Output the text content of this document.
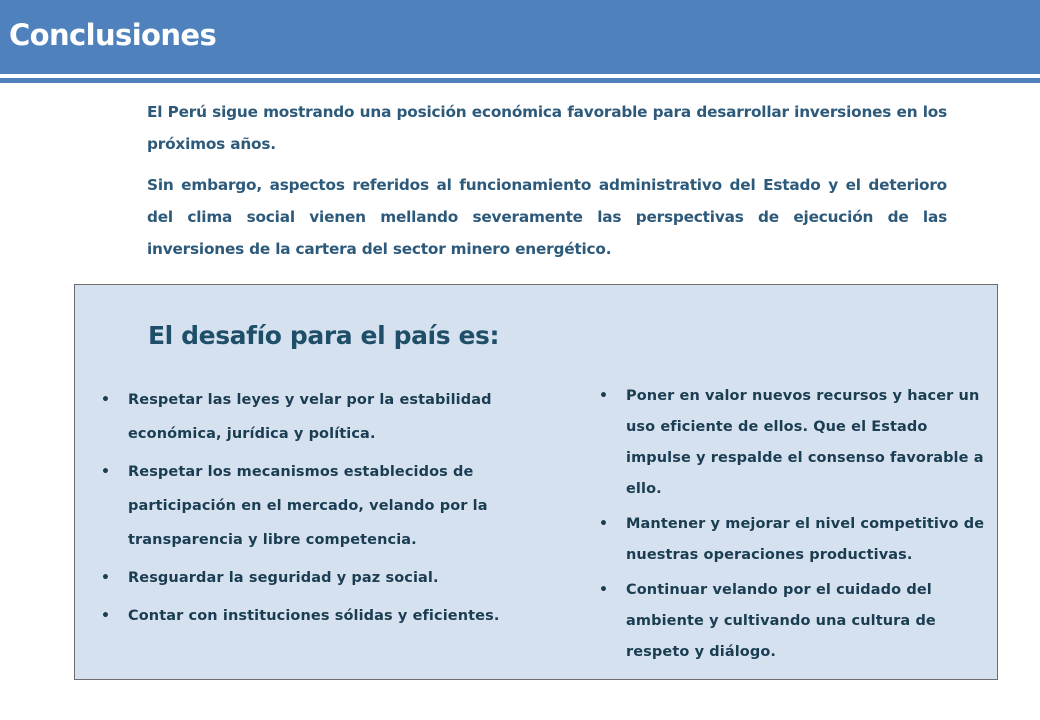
Conclusiones

El Perú sigue mostrando una posición económica favorable para desarrollar inversiones en los próximos años.

Sin embargo, aspectos referidos al funcionamiento administrativo del Estado y el deterioro del clima social vienen mellando severamente las perspectivas de ejecución de las inversiones de la cartera del sector minero energético.

El desafío para el país es:
• Respetar las leyes y velar por la estabilidad económica, jurídica y política.
• Respetar los mecanismos establecidos de participación en el mercado, velando por la transparencia y libre competencia.
• Resguardar la seguridad y paz social.
• Contar con instituciones sólidas y eficientes.
• Poner en valor nuevos recursos y hacer un uso eficiente de ellos. Que el Estado impulse y respalde el consenso favorable a ello.
• Mantener y mejorar el nivel competitivo de nuestras operaciones productivas.
• Continuar velando por el cuidado del ambiente y cultivando una cultura de respeto y diálogo.
